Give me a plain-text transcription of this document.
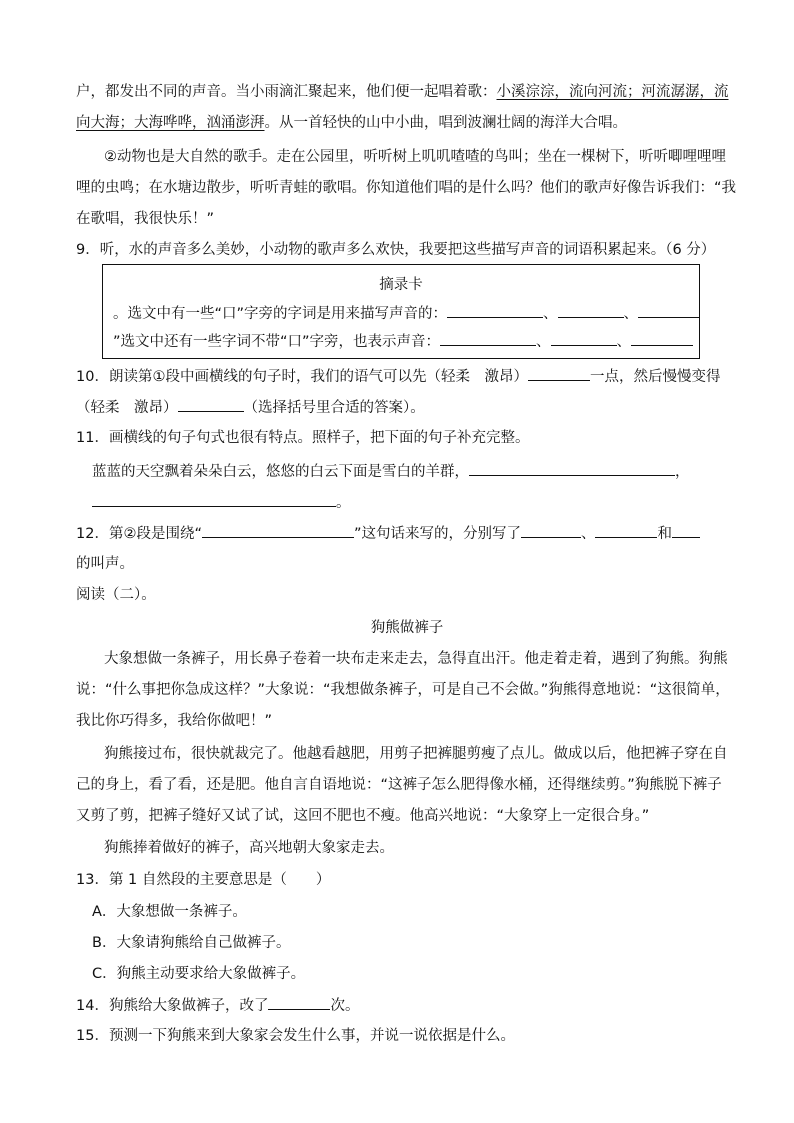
户，都发出不同的声音。当小雨滴汇聚起来，他们便一起唱着歌：小溪淙淙，流向河流；河流潺潺，流
向大海；大海哗哗，汹涌澎湃。从一首轻快的山中小曲，唱到波澜壮阔的海洋大合唱。
②动物也是大自然的歌手。走在公园里，听听树上叽叽喳喳的鸟叫；坐在一棵树下，听听唧哩哩哩
哩的虫鸣；在水塘边散步，听听青蛙的歌唱。你知道他们唱的是什么吗？他们的歌声好像告诉我们：“我
在歌唱，我很快乐！”
9．听，水的声音多么美妙，小动物的歌声多么欢快，我要把这些描写声音的词语积累起来。（6 分）
摘录卡
。选文中有一些“口”字旁的字词是用来描写声音的：	、	、
”选文中还有一些字词不带“口”字旁，也表示声音：	、	、
10．朗读第①段中画横线的句子时，我们的语气可以先（轻柔　激昂）	一点，然后慢慢变得
（轻柔　激昂）	（选择括号里合适的答案）。
11．画横线的句子句式也很有特点。照样子，把下面的句子补充完整。
蓝蓝的天空飘着朵朵白云，悠悠的白云下面是雪白的羊群，	，
。
12．第②段是围绕“	”这句话来写的，分别写了	、	和
的叫声。
阅读（二）。
狗熊做裤子
大象想做一条裤子，用长鼻子卷着一块布走来走去，急得直出汗。他走着走着，遇到了狗熊。狗熊
说：“什么事把你急成这样？”大象说：“我想做条裤子，可是自己不会做。”狗熊得意地说：“这很简单，
我比你巧得多，我给你做吧！”
狗熊接过布，很快就裁完了。他越看越肥，用剪子把裤腿剪瘦了点儿。做成以后，他把裤子穿在自
己的身上，看了看，还是肥。他自言自语地说：“这裤子怎么肥得像水桶，还得继续剪。”狗熊脱下裤子
又剪了剪，把裤子缝好又试了试，这回不肥也不瘦。他高兴地说：“大象穿上一定很合身。”
狗熊捧着做好的裤子，高兴地朝大象家走去。
13．第 1 自然段的主要意思是（　　）
A．大象想做一条裤子。
B．大象请狗熊给自己做裤子。
C．狗熊主动要求给大象做裤子。
14．狗熊给大象做裤子，改了	次。
15．预测一下狗熊来到大象家会发生什么事，并说一说依据是什么。
